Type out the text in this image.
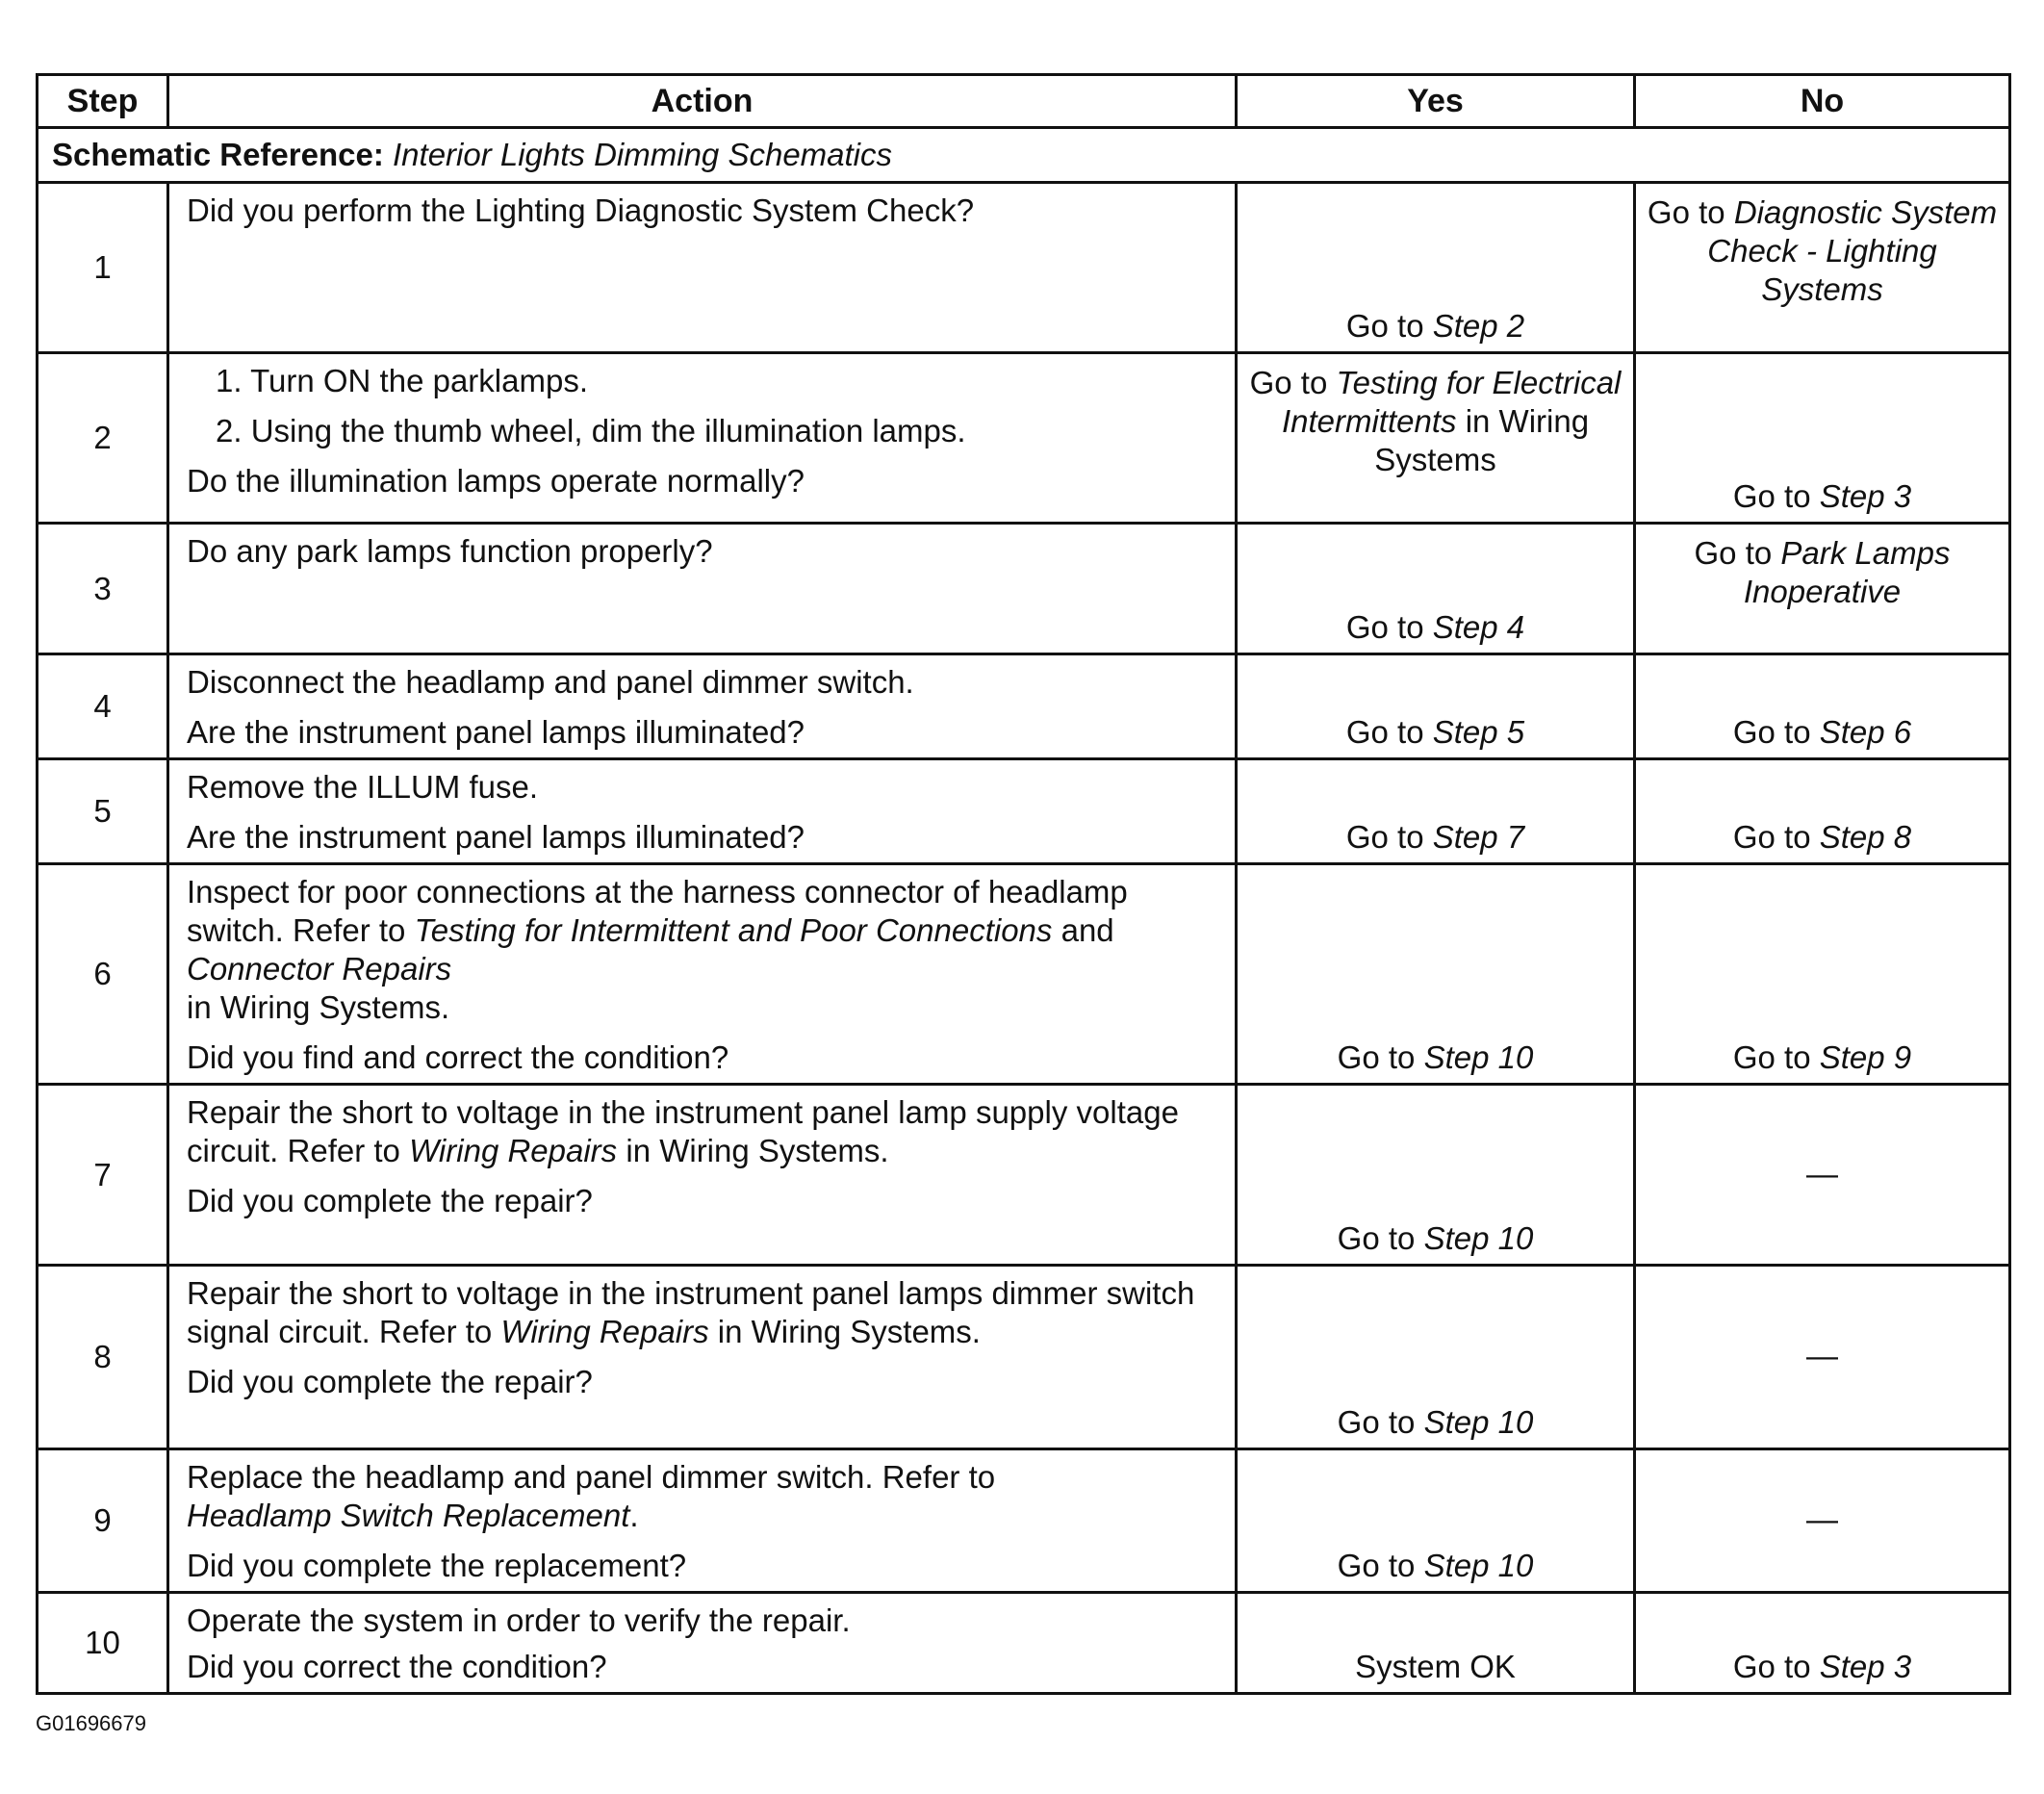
Step	Action	Yes	No
Schematic Reference: Interior Lights Dimming Schematics			
1	Did you perform the Lighting Diagnostic System Check?	Go to Step 2	Go to Diagnostic System Check - Lighting Systems
2	1. Turn ON the parklamps.
2. Using the thumb wheel, dim the illumination lamps.
Do the illumination lamps operate normally?	Go to Testing for Electrical Intermittents in Wiring Systems	Go to Step 3
3	Do any park lamps function properly?	Go to Step 4	Go to Park Lamps Inoperative
4	Disconnect the headlamp and panel dimmer switch.
Are the instrument panel lamps illuminated?	Go to Step 5	Go to Step 6
5	Remove the ILLUM fuse.
Are the instrument panel lamps illuminated?	Go to Step 7	Go to Step 8
6	Inspect for poor connections at the harness connector of headlamp switch. Refer to Testing for Intermittent and Poor Connections and Connector Repairs
in Wiring Systems.
Did you find and correct the condition?	Go to Step 10	Go to Step 9
7	Repair the short to voltage in the instrument panel lamp supply voltage circuit. Refer to Wiring Repairs in Wiring Systems.
Did you complete the repair?	Go to Step 10	—
8	Repair the short to voltage in the instrument panel lamps dimmer switch signal circuit. Refer to Wiring Repairs in Wiring Systems.
Did you complete the repair?	Go to Step 10	—
9	Replace the headlamp and panel dimmer switch. Refer to
Headlamp Switch Replacement.
Did you complete the replacement?	Go to Step 10	—
10	Operate the system in order to verify the repair.
Did you correct the condition?	System OK	Go to Step 3
G01696679
